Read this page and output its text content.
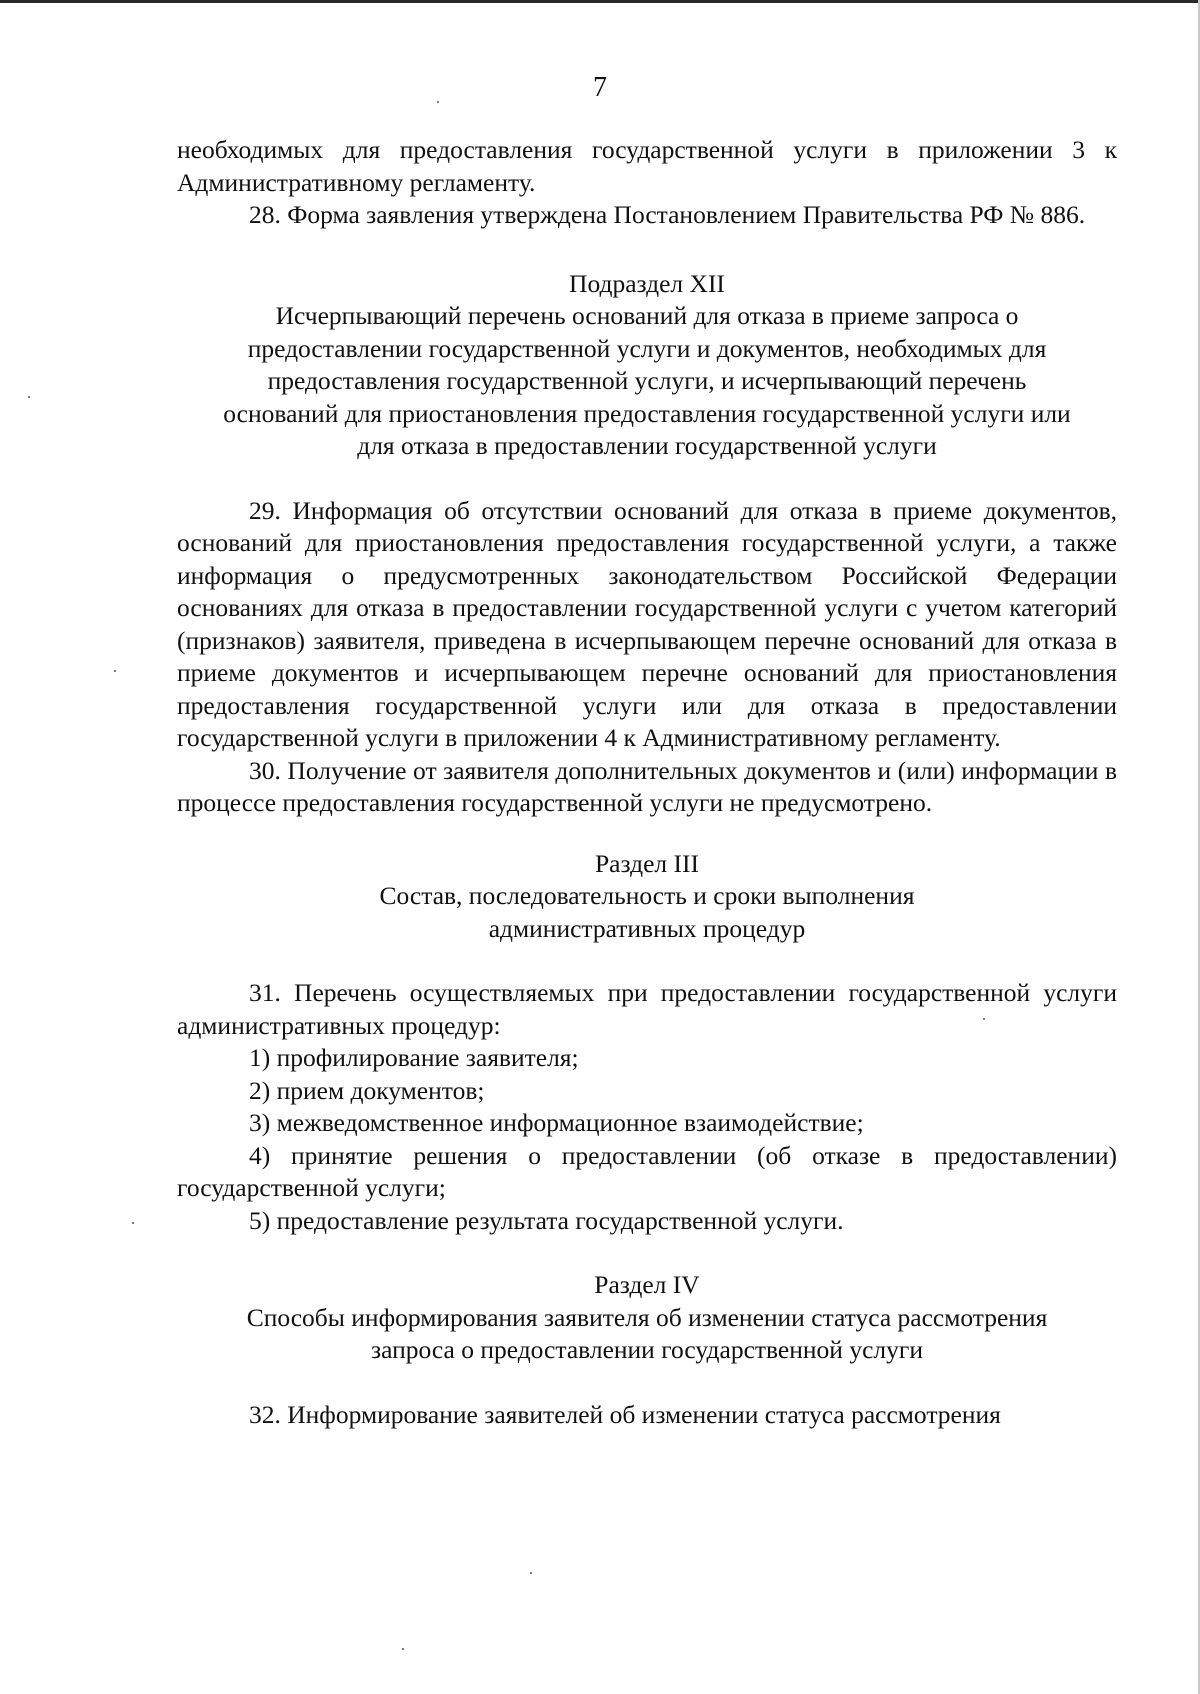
7

необходимых для предоставления государственной услуги в приложении 3 к Административному регламенту.

28. Форма заявления утверждена Постановлением Правительства РФ № 886.

Подраздел XII

Исчерпывающий перечень оснований для отказа в приеме запроса о

предоставлении государственной услуги и документов, необходимых для

предоставления государственной услуги, и исчерпывающий перечень

оснований для приостановления предоставления государственной услуги или

для отказа в предоставлении государственной услуги

29. Информация об отсутствии оснований для отказа в приеме документов, оснований для приостановления предоставления государственной услуги, а также информация о предусмотренных законодательством Российской Федерации основаниях для отказа в предоставлении государственной услуги с учетом категорий (признаков) заявителя, приведена в исчерпывающем перечне оснований для отказа в приеме документов и исчерпывающем перечне оснований для приостановления предоставления государственной услуги или для отказа в предоставлении государственной услуги в приложении 4 к Административному регламенту.

30. Получение от заявителя дополнительных документов и (или) информации в процессе предоставления государственной услуги не предусмотрено.

Раздел III

Состав, последовательность и сроки выполнения

административных процедур

31. Перечень осуществляемых при предоставлении государственной услуги административных процедур:

1) профилирование заявителя;

2) прием документов;

3) межведомственное информационное взаимодействие;

4) принятие решения о предоставлении (об отказе в предоставлении) государственной услуги;

5) предоставление результата государственной услуги.

Раздел IV

Способы информирования заявителя об изменении статуса рассмотрения

запроса о предоставлении государственной услуги

32. Информирование заявителей об изменении статуса рассмотрения
